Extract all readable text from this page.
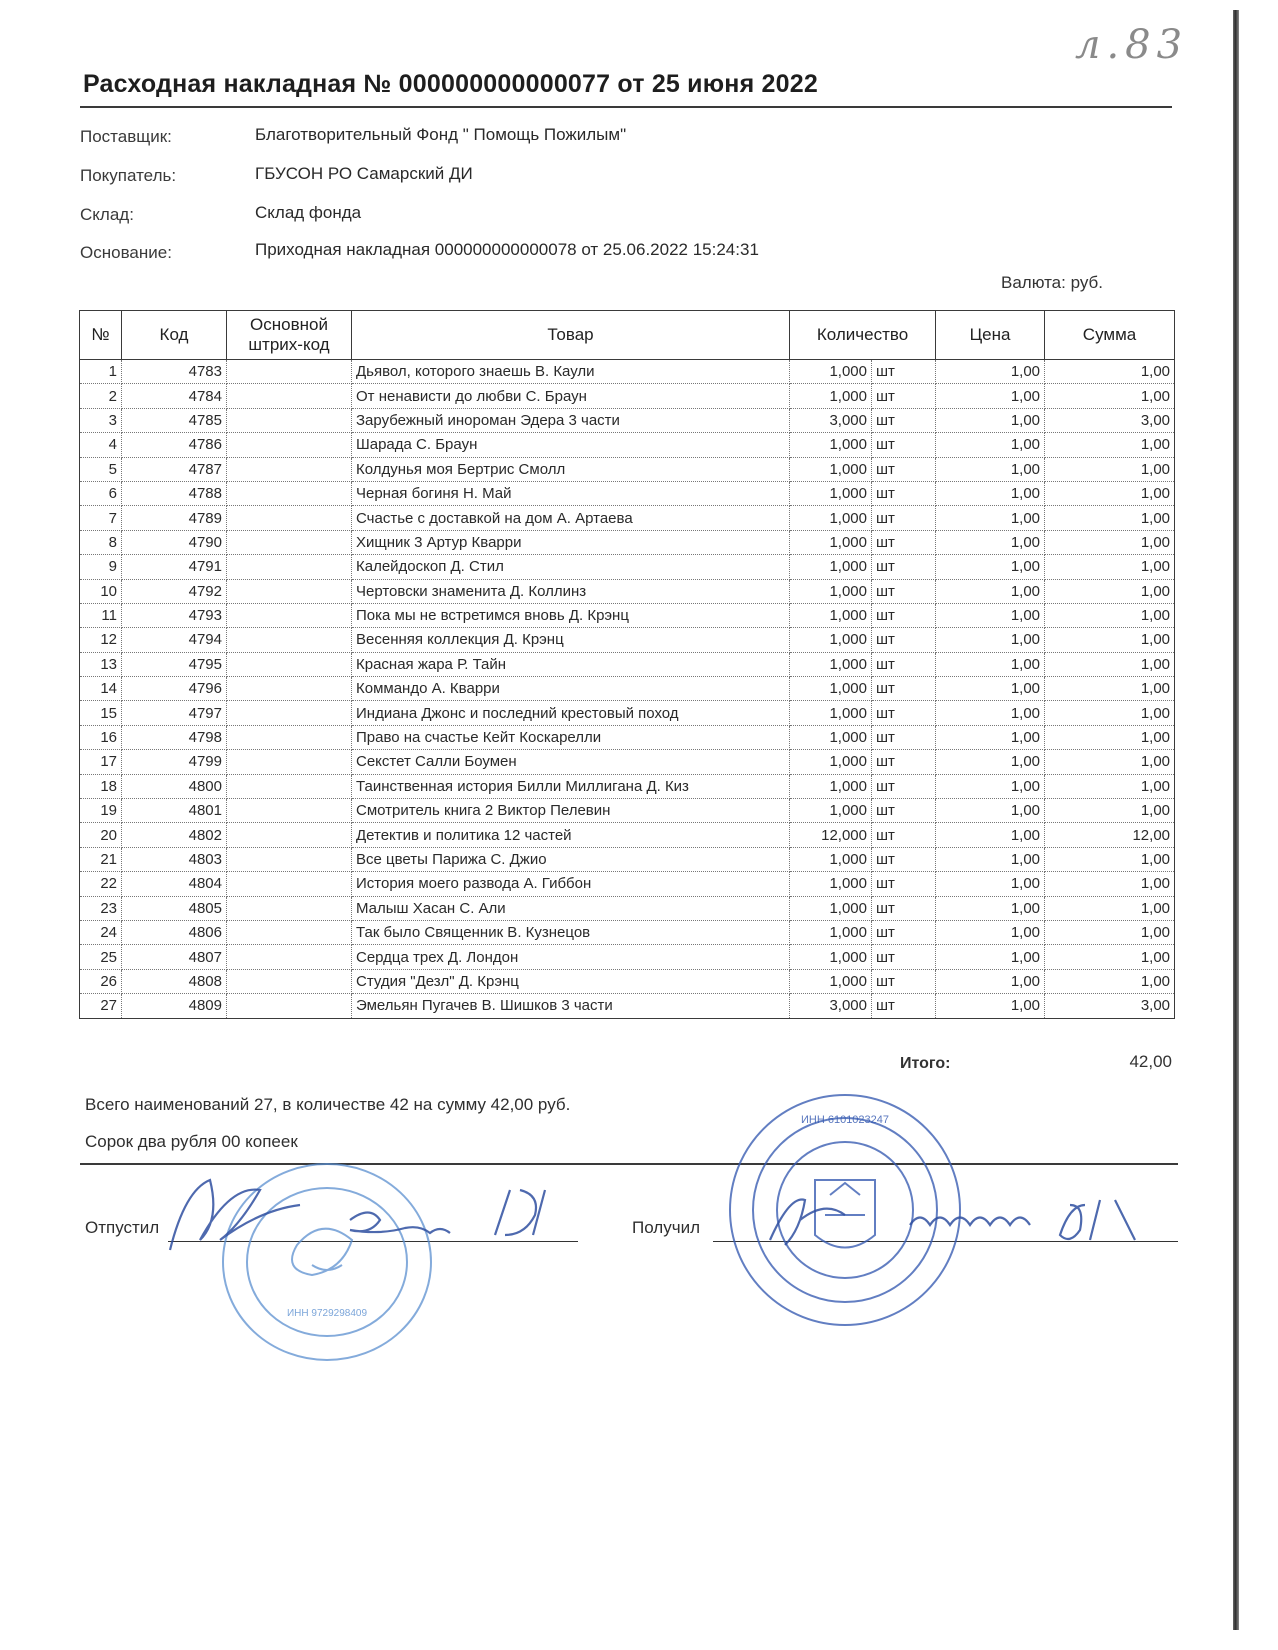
л.83
Расходная накладная № 000000000000077 от 25 июня 2022
Поставщик:	Благотворительный Фонд " Помощь Пожилым"
Покупатель:	ГБУСОН РО Самарский ДИ
Склад:	Склад фонда
Основание:	Приходная накладная 000000000000078 от 25.06.2022 15:24:31
Валюта: руб.
№	Код	Основной штрих-код	Товар	Количество		Цена	Сумма
1	4783		Дьявол, которого знаешь В. Каули	1,000	шт	1,00	1,00
2	4784		От ненависти до любви С. Браун	1,000	шт	1,00	1,00
3	4785		Зарубежный инороман Эдера 3 части	3,000	шт	1,00	3,00
4	4786		Шарада С. Браун	1,000	шт	1,00	1,00
5	4787		Колдунья моя Бертрис Смолл	1,000	шт	1,00	1,00
6	4788		Черная богиня Н. Май	1,000	шт	1,00	1,00
7	4789		Счастье с доставкой на дом А. Артаева	1,000	шт	1,00	1,00
8	4790		Хищник 3 Артур Кварри	1,000	шт	1,00	1,00
9	4791		Калейдоскоп Д. Стил	1,000	шт	1,00	1,00
10	4792		Чертовски знаменита Д. Коллинз	1,000	шт	1,00	1,00
11	4793		Пока мы не встретимся вновь Д. Крэнц	1,000	шт	1,00	1,00
12	4794		Весенняя коллекция Д. Крэнц	1,000	шт	1,00	1,00
13	4795		Красная жара Р. Тайн	1,000	шт	1,00	1,00
14	4796		Коммандо А. Кварри	1,000	шт	1,00	1,00
15	4797		Индиана Джонс и последний крестовый поход	1,000	шт	1,00	1,00
16	4798		Право на счастье Кейт Коскарелли	1,000	шт	1,00	1,00
17	4799		Секстет Салли Боумен	1,000	шт	1,00	1,00
18	4800		Таинственная история Билли Миллигана Д. Киз	1,000	шт	1,00	1,00
19	4801		Смотритель книга 2 Виктор Пелевин	1,000	шт	1,00	1,00
20	4802		Детектив и политика 12 частей	12,000	шт	1,00	12,00
21	4803		Все цветы Парижа С. Джио	1,000	шт	1,00	1,00
22	4804		История моего развода А. Гиббон	1,000	шт	1,00	1,00
23	4805		Малыш Хасан С. Али	1,000	шт	1,00	1,00
24	4806		Так было Священник В. Кузнецов	1,000	шт	1,00	1,00
25	4807		Сердца трех Д. Лондон	1,000	шт	1,00	1,00
26	4808		Студия "Дезл" Д. Крэнц	1,000	шт	1,00	1,00
27	4809		Эмельян Пугачев В. Шишков 3 части	3,000	шт	1,00	3,00
Итого:	42,00
Всего наименований 27, в количестве 42 на сумму 42,00 руб.
Сорок два рубля 00 копеек
Отпустил	Получил
ИНН 9729298409
ИНН 6101023247
